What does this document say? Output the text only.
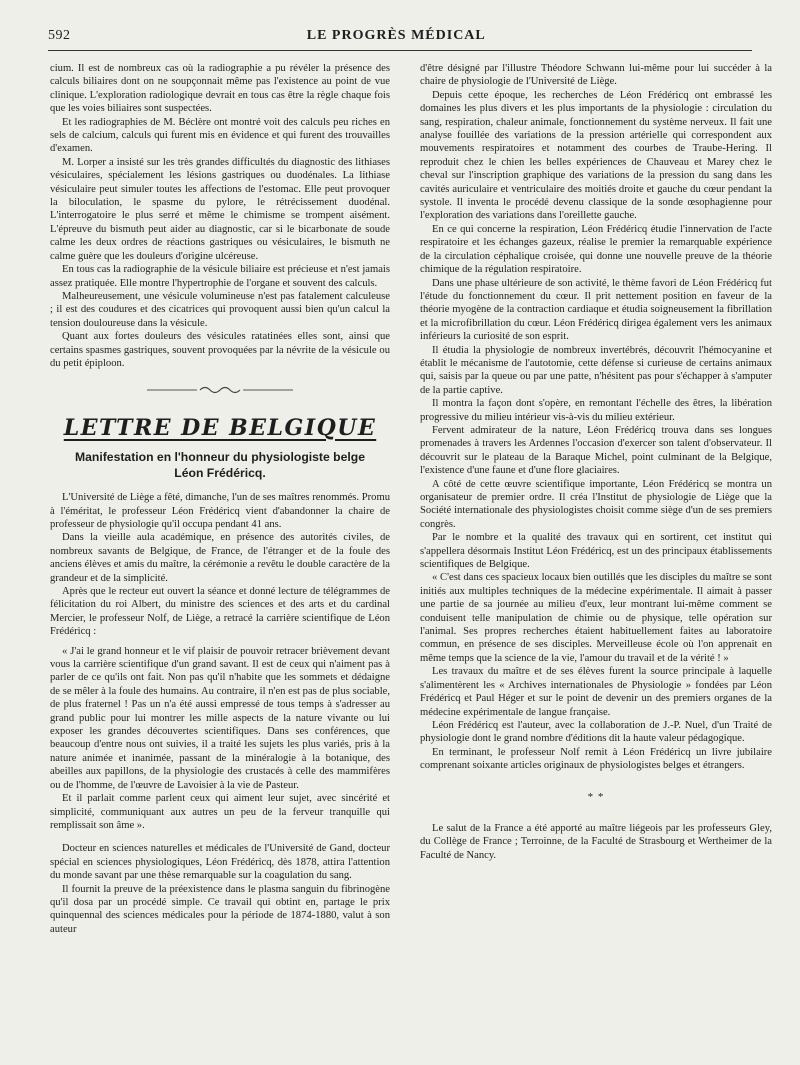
592	LE PROGRÈS MÉDICAL

cium. Il est de nombreux cas où la radiographie a pu révéler la présence des calculs biliaires dont on ne soupçonnait même pas l'existence au point de vue clinique. L'exploration radiologique devrait en tous cas être la règle chaque fois que les voies biliaires sont suspectées.

Et les radiographies de M. Béclère ont montré voit des calculs peu riches en sels de calcium, calculs qui furent mis en évidence et qui furent des trouvailles d'examen.

M. Lorper a insisté sur les très grandes difficultés du diagnostic des lithiases vésiculaires, spécialement les lésions gastriques ou duodénales. La lithiase vésiculaire peut simuler toutes les affections de l'estomac. Elle peut provoquer la biloculation, le spasme du pylore, le rétrécissement duodénal. L'interrogatoire le plus serré et même le chimisme se trompent aisément. L'épreuve du bismuth peut aider au diagnostic, car si le bicarbonate de soude calme les deux ordres de réactions gastriques ou vésiculaires, le bismuth ne calme guère que les douleurs d'origine ulcéreuse.

En tous cas la radiographie de la vésicule biliaire est précieuse et n'est jamais assez pratiquée. Elle montre l'hypertrophie de l'organe et souvent des calculs.

Malheureusement, une vésicule volumineuse n'est pas fatalement calculeuse ; il est des coudures et des cicatrices qui provoquent aussi bien qu'un calcul la tension douloureuse dans la vésicule.

Quant aux fortes douleurs des vésicules ratatinées elles sont, ainsi que certains spasmes gastriques, souvent provoquées par la névrite de la vésicule ou du petit épiploon.

LETTRE DE BELGIQUE
Manifestation en l'honneur du physiologiste belge
Léon Frédéricq.

L'Université de Liège a fêté, dimanche, l'un de ses maîtres renommés. Promu à l'éméritat, le professeur Léon Frédéricq vient d'abandonner la chaire de professeur de physiologie qu'il occupa pendant 41 ans.

Dans la vieille aula académique, en présence des autorités civiles, de nombreux savants de Belgique, de France, de l'étranger et de la foule des anciens élèves et amis du maître, la cérémonie a revêtu le double caractère de la grandeur et de la simplicité.

Après que le recteur eut ouvert la séance et donné lecture de télégrammes de félicitation du roi Albert, du ministre des sciences et des arts et du cardinal Mercier, le professeur Nolf, de Liège, a retracé la carrière scientifique de Léon Frédéricq :

« J'ai le grand honneur et le vif plaisir de pouvoir retracer brièvement devant vous la carrière scientifique d'un grand savant. Il est de ceux qui n'aiment pas à parler de ce qu'ils ont fait. Non pas qu'il n'habite que les sommets et dédaigne de se mêler à la foule des humains. Au contraire, il n'en est pas de plus sociable, de plus fraternel ! Pas un n'a été aussi empressé de tous temps à s'adresser au grand public pour lui montrer les mille aspects de la nature vivante ou lui exposer les grandes découvertes scientifiques. Dans ses conférences, que beaucoup d'entre nous ont suivies, il a traité les sujets les plus variés, pris à la nature animée et inanimée, passant de la minéralogie à la botanique, des abeilles aux papillons, de la physiologie des crustacés à celle des mammifères ou de l'homme, de l'œuvre de Lavoisier à la vie de Pasteur.

Et il parlait comme parlent ceux qui aiment leur sujet, avec sincérité et simplicité, communiquant aux autres un peu de la ferveur tranquille qui remplissait son âme ».

Docteur en sciences naturelles et médicales de l'Université de Gand, docteur spécial en sciences physiologiques, Léon Frédéricq, dès 1878, attira l'attention du monde savant par une thèse remarquable sur la coagulation du sang.

Il fournit la preuve de la préexistence dans le plasma sanguin du fibrinogène qu'il dosa par un procédé simple. Ce travail qui obtint en, partage le prix quinquennal des sciences médicales pour la période de 1874-1880, valut à son auteur

d'être désigné par l'illustre Théodore Schwann lui-même pour lui succéder à la chaire de physiologie de l'Université de Liège.

Depuis cette époque, les recherches de Léon Frédéricq ont embrassé les domaines les plus divers et les plus importants de la physiologie : circulation du sang, respiration, chaleur animale, fonctionnement du système nerveux. Il fait une analyse fouillée des variations de la pression artérielle qui correspondent aux mouvements respiratoires et notamment des courbes de Traube-Hering. Il reproduit chez le chien les belles expériences de Chauveau et Marey chez le cheval sur l'inscription graphique des variations de la pression du sang dans les cavités auriculaire et ventriculaire des moitiés droite et gauche du cœur pendant la systole. Il inventa le procédé devenu classique de la sonde œsophagienne pour l'exploration des variations dans l'oreillette gauche.

En ce qui concerne la respiration, Léon Frédéricq étudie l'innervation de l'acte respiratoire et les échanges gazeux, réalise le premier la remarquable expérience de la circulation céphalique croisée, qui donne une nouvelle preuve de la théorie chimique de la régulation respiratoire.

Dans une phase ultérieure de son activité, le thème favori de Léon Frédéricq fut l'étude du fonctionnement du cœur. Il prit nettement position en faveur de la théorie myogène de la contraction cardiaque et étudia soigneusement la fibrillation et la microfibrillation du cœur. Léon Frédéricq dirigea également vers les animaux inférieurs la curiosité de son esprit.

Il étudia la physiologie de nombreux invertébrés, découvrit l'hémocyanine et établit le mécanisme de l'autotomie, cette défense si curieuse de certains animaux qui, saisis par la queue ou par une patte, n'hésitent pas pour s'échapper à s'amputer de la partie captive.

Il montra la façon dont s'opère, en remontant l'échelle des êtres, la libération progressive du milieu intérieur vis-à-vis du milieu extérieur.

Fervent admirateur de la nature, Léon Frédéricq trouva dans ses longues promenades à travers les Ardennes l'occasion d'exercer son talent d'observateur. Il découvrit sur le plateau de la Baraque Michel, point culminant de la Belgique, l'existence d'une faune et d'une flore glaciaires.

A côté de cette œuvre scientifique importante, Léon Frédéricq se montra un organisateur de premier ordre. Il créa l'Institut de physiologie de Liège que la Société internationale des physiologistes choisit comme siège d'un de ses premiers congrès.

Par le nombre et la qualité des travaux qui en sortirent, cet institut qui s'appellera désormais Institut Léon Frédéricq, est un des principaux établissements scientifiques de Belgique.

« C'est dans ces spacieux locaux bien outillés que les disciples du maître se sont initiés aux multiples techniques de la médecine expérimentale. Il aimait à passer une partie de sa journée au milieu d'eux, leur montrant lui-même comment se conduisent telle manipulation de chimie ou de physique, telle opération sur l'animal. Ses propres recherches étaient habituellement faites au laboratoire commun, en présence de ses disciples. Merveilleuse école où l'on apprenait en même temps que la science de la vie, l'amour du travail et de la vérité ! »

Les travaux du maître et de ses élèves furent la source principale à laquelle s'alimentèrent les « Archives internationales de Physiologie » fondées par Léon Frédéricq et Paul Héger et sur le point de devenir un des premiers organes de la médecine expérimentale de langue française.

Léon Frédéricq est l'auteur, avec la collaboration de J.-P. Nuel, d'un Traité de physiologie dont le grand nombre d'éditions dit la haute valeur pédagogique.

En terminant, le professeur Nolf remit à Léon Frédéricq un livre jubilaire comprenant soixante articles originaux de physiologistes belges et étrangers.

* *

Le salut de la France a été apporté au maître liégeois par les professeurs Gley, du Collège de France ; Terroinne, de la Faculté de Strasbourg et Wertheimer de la Faculté de Nancy.
